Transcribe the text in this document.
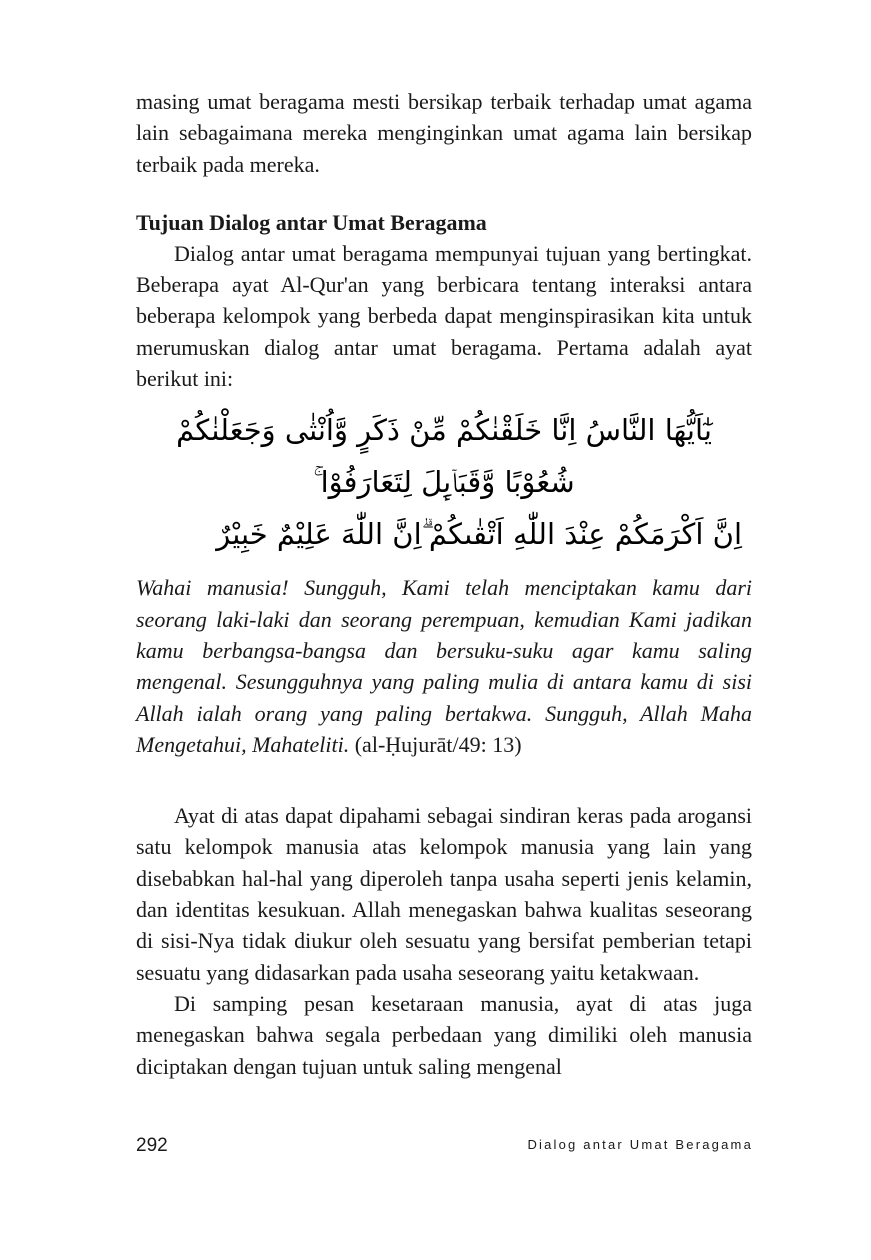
masing umat beragama mesti bersikap terbaik terhadap umat agama lain sebagaimana mereka menginginkan umat agama lain bersikap terbaik pada mereka.

Tujuan Dialog antar Umat Beragama

Dialog antar umat beragama mempunyai tujuan yang bertingkat. Beberapa ayat Al-Qur'an yang berbicara tentang interaksi antara beberapa kelompok yang berbeda dapat menginspirasikan kita untuk merumuskan dialog antar umat beragama. Pertama adalah ayat berikut ini:

يٰٓاَيُّهَا النَّاسُ اِنَّا خَلَقْنٰكُمْ مِّنْ ذَكَرٍ وَّاُنْثٰى وَجَعَلْنٰكُمْ شُعُوْبًا وَّقَبَاۤىِٕلَ لِتَعَارَفُوْا ۚ
اِنَّ اَكْرَمَكُمْ عِنْدَ اللّٰهِ اَتْقٰىكُمْ ۗاِنَّ اللّٰهَ عَلِيْمٌ خَبِيْرٌ

Wahai manusia! Sungguh, Kami telah menciptakan kamu dari seorang laki-laki dan seorang perempuan, kemudian Kami jadikan kamu berbangsa-bangsa dan bersuku-suku agar kamu saling mengenal. Sesungguhnya yang paling mulia di antara kamu di sisi Allah ialah orang yang paling bertakwa. Sungguh, Allah Maha Mengetahui, Mahateliti. (al-Ḥujurāt/49: 13)

Ayat di atas dapat dipahami sebagai sindiran keras pada arogansi satu kelompok manusia atas kelompok manusia yang lain yang disebabkan hal-hal yang diperoleh tanpa usaha seperti jenis kelamin, dan identitas kesukuan. Allah menegaskan bahwa kualitas seseorang di sisi-Nya tidak diukur oleh sesuatu yang bersifat pemberian tetapi sesuatu yang didasarkan pada usaha seseorang yaitu ketakwaan.

Di samping pesan kesetaraan manusia, ayat di atas juga menegaskan bahwa segala perbedaan yang dimiliki oleh manusia diciptakan dengan tujuan untuk saling mengenal

292	Dialog antar Umat Beragama
